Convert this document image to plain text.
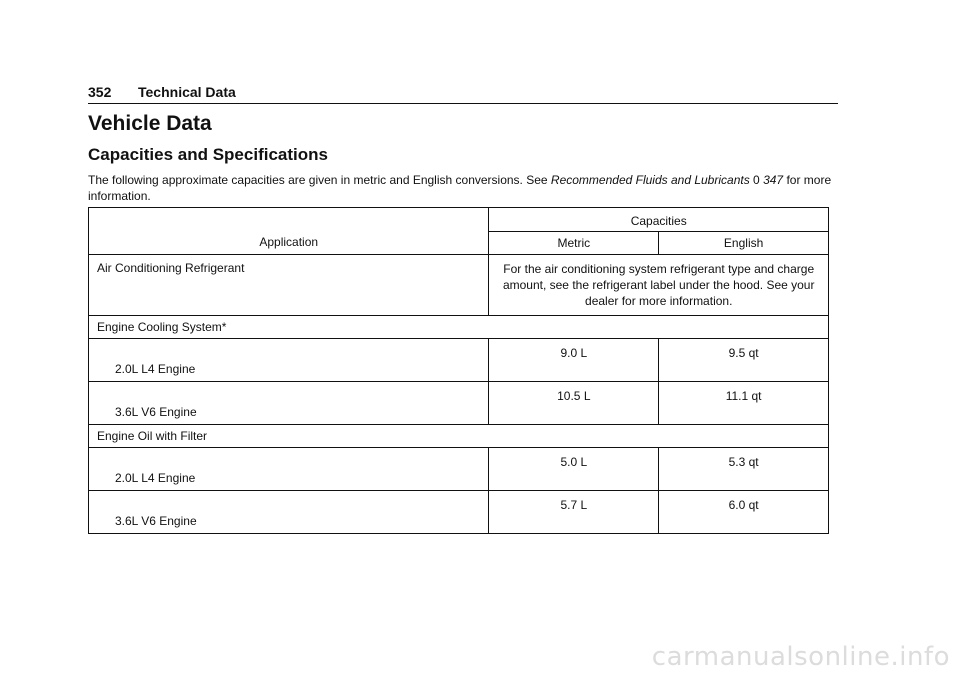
352 Technical Data
Vehicle Data
Capacities and Specifications

The following approximate capacities are given in metric and English conversions. See Recommended Fluids and Lubricants 0 347 for more information.

Application	Capacities	
	Metric	English
Air Conditioning Refrigerant	For the air conditioning system refrigerant type and charge amount, see the refrigerant label under the hood. See your dealer for more information.	
Engine Cooling System*		
2.0L L4 Engine	9.0 L	9.5 qt
3.6L V6 Engine	10.5 L	11.1 qt
Engine Oil with Filter		
2.0L L4 Engine	5.0 L	5.3 qt
3.6L V6 Engine	5.7 L	6.0 qt
carmanualsonline.info
